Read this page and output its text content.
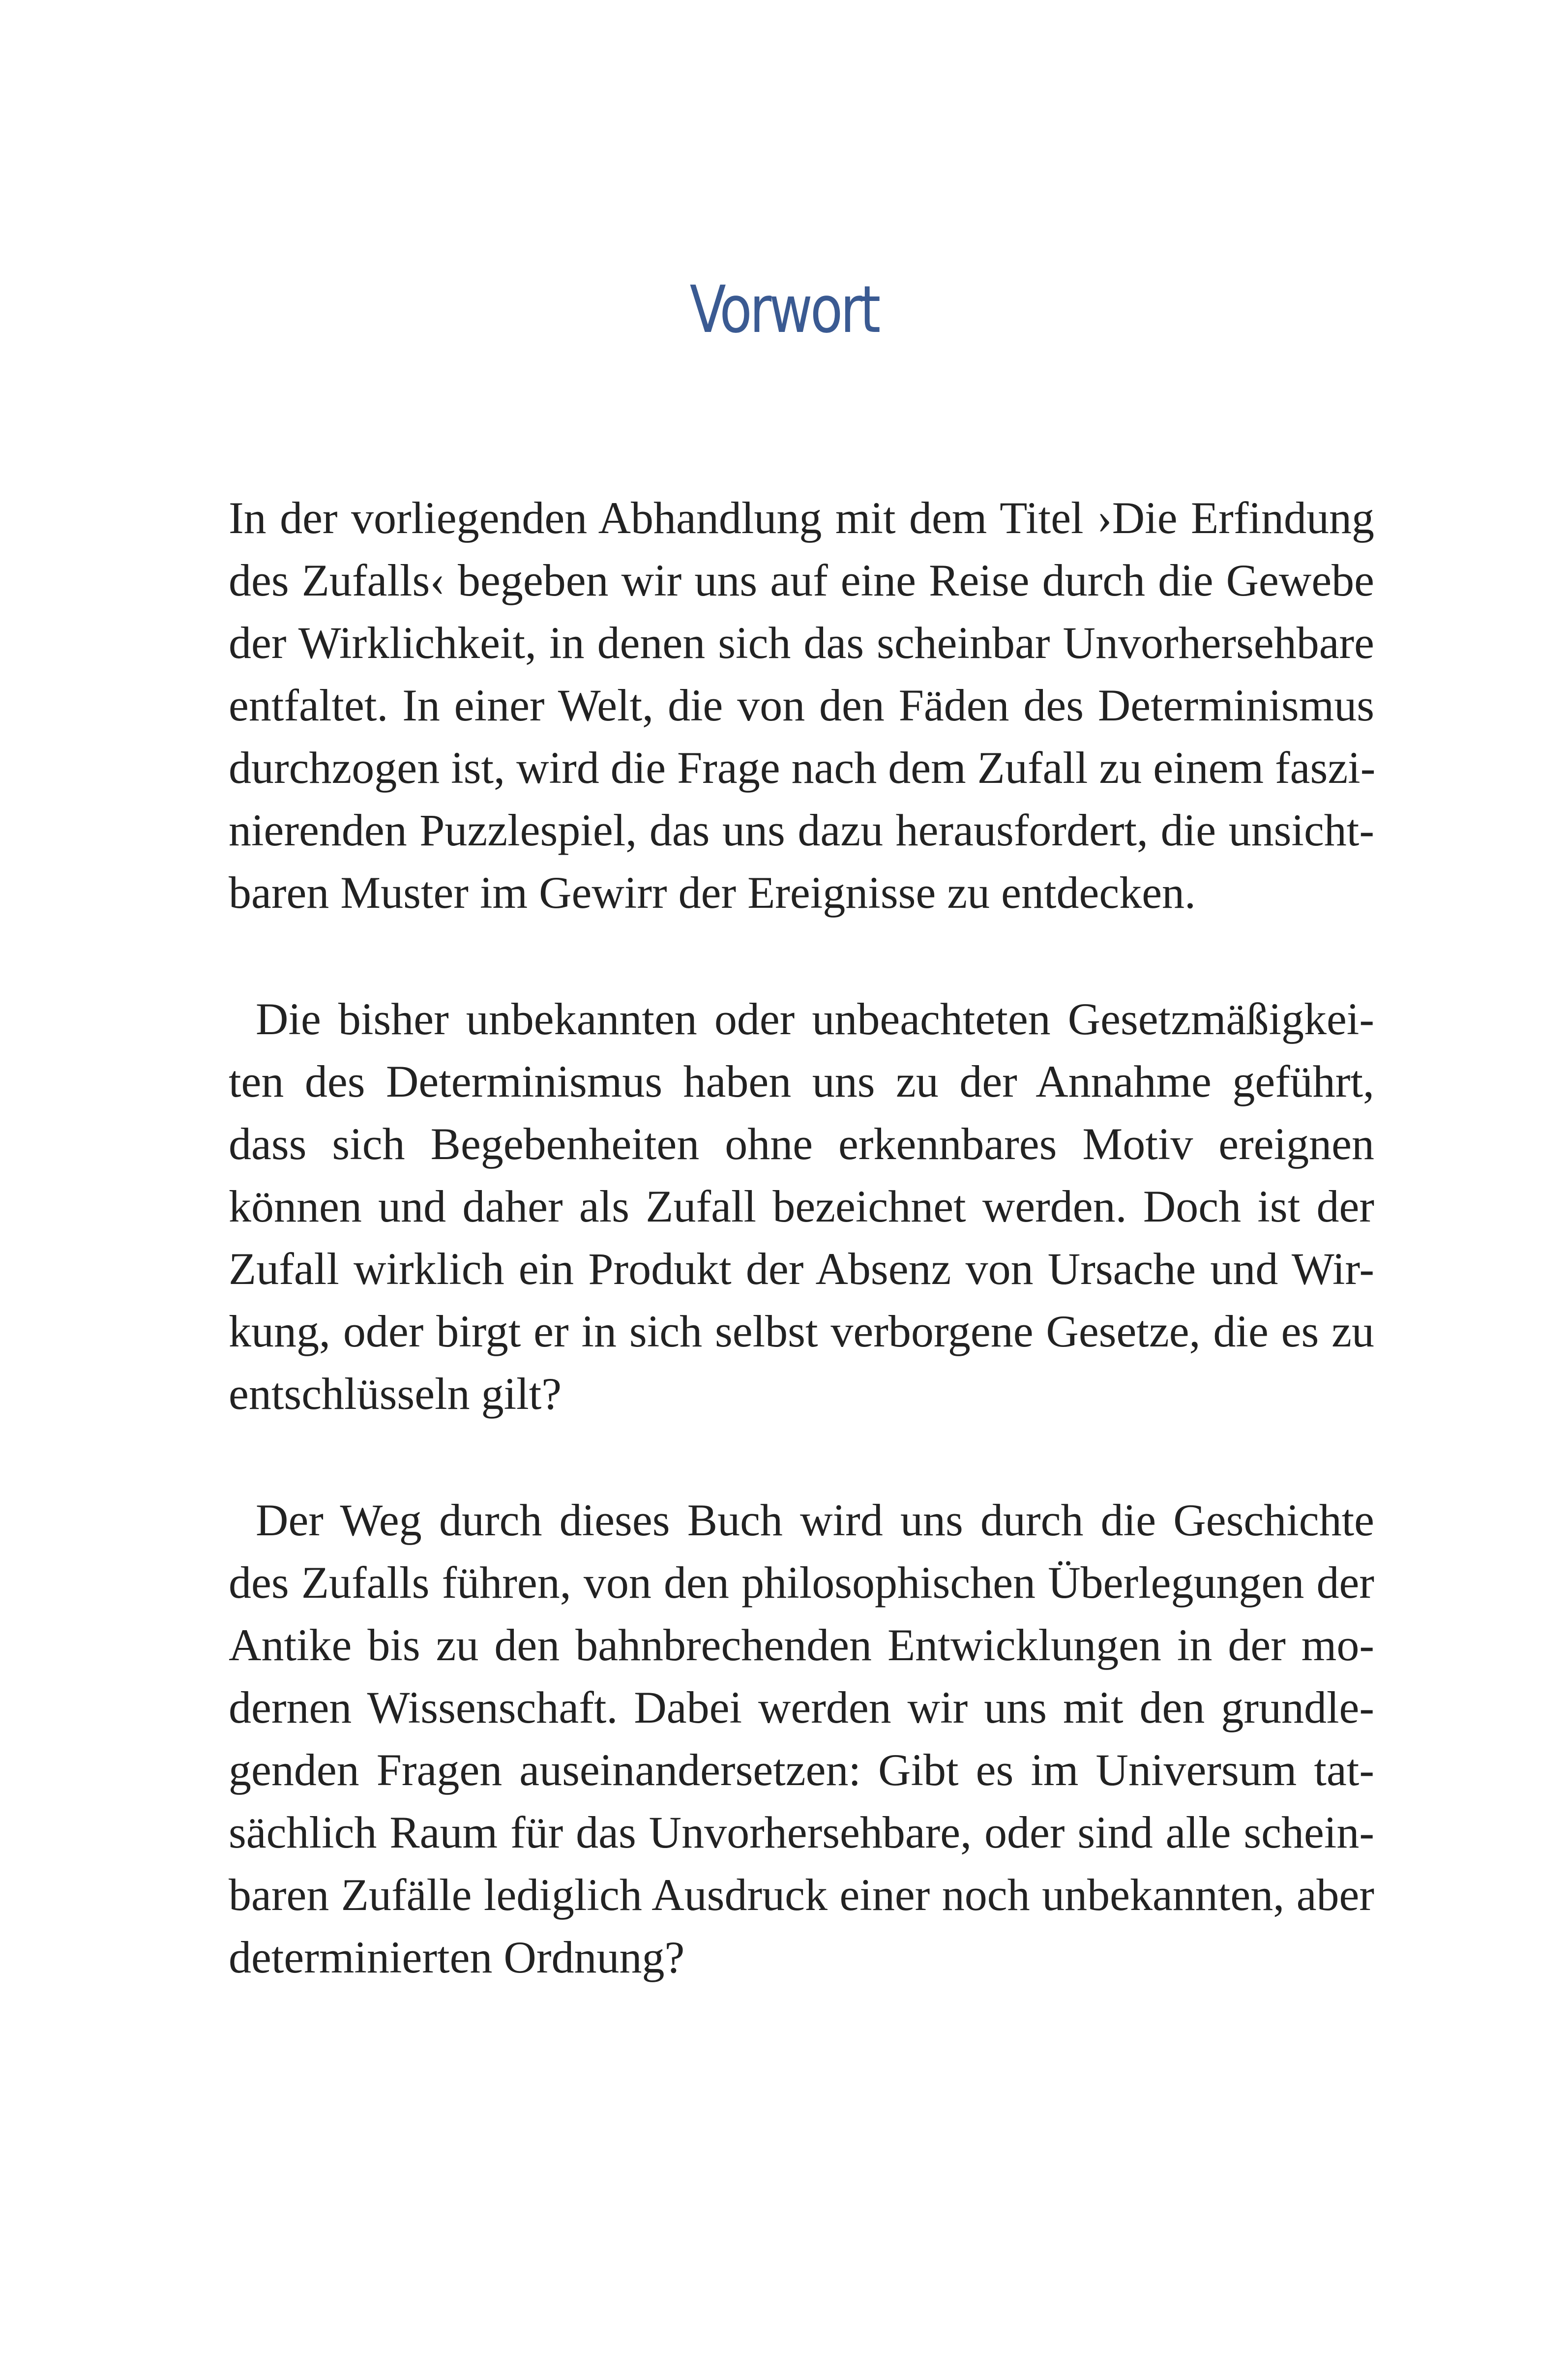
Vorwort

In der vorliegenden Abhandlung mit dem Titel ›Die Erfindung
des Zufalls‹ begeben wir uns auf eine Reise durch die Gewebe
der Wirklichkeit, in denen sich das scheinbar Unvorhersehbare
entfaltet. In einer Welt, die von den Fäden des Determinismus
durchzogen ist, wird die Frage nach dem Zufall zu einem faszi-
nierenden Puzzlespiel, das uns dazu herausfordert, die unsicht-
baren Muster im Gewirr der Ereignisse zu entdecken.

Die bisher unbekannten oder unbeachteten Gesetzmäßigkei-
ten des Determinismus haben uns zu der Annahme geführt,
dass sich Begebenheiten ohne erkennbares Motiv ereignen
können und daher als Zufall bezeichnet werden. Doch ist der
Zufall wirklich ein Produkt der Absenz von Ursache und Wir-
kung, oder birgt er in sich selbst verborgene Gesetze, die es zu
entschlüsseln gilt?

Der Weg durch dieses Buch wird uns durch die Geschichte
des Zufalls führen, von den philosophischen Überlegungen der
Antike bis zu den bahnbrechenden Entwicklungen in der mo-
dernen Wissenschaft. Dabei werden wir uns mit den grundle-
genden Fragen auseinandersetzen: Gibt es im Universum tat-
sächlich Raum für das Unvorhersehbare, oder sind alle schein-
baren Zufälle lediglich Ausdruck einer noch unbekannten, aber
determinierten Ordnung?
